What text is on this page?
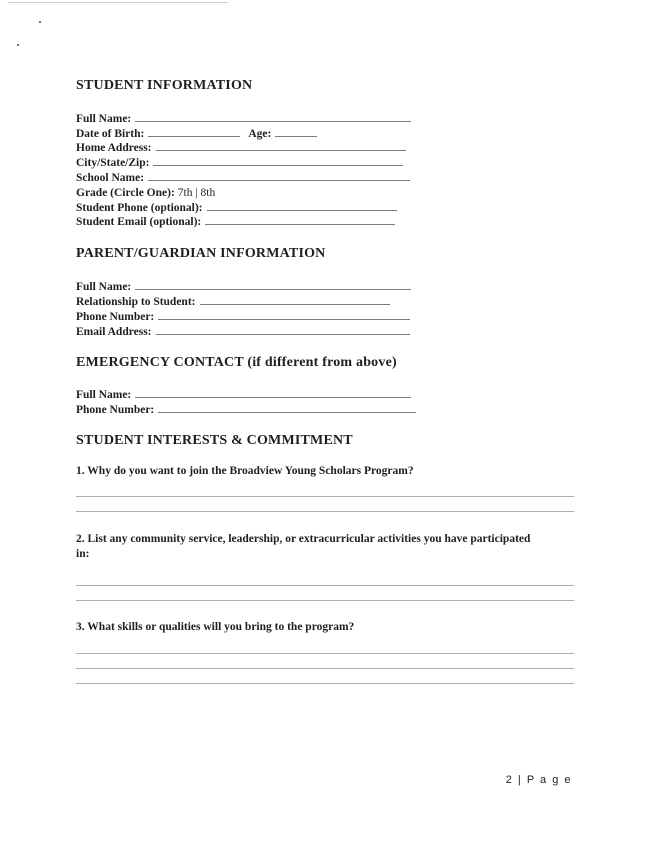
STUDENT INFORMATION
Full Name:
Date of Birth:	Age:
Home Address:
City/State/Zip:
School Name:
Grade (Circle One): 7th | 8th
Student Phone (optional):
Student Email (optional):
PARENT/GUARDIAN INFORMATION
Full Name:
Relationship to Student:
Phone Number:
Email Address:
EMERGENCY CONTACT (if different from above)
Full Name:
Phone Number:
STUDENT INTERESTS & COMMITMENT

1. Why do you want to join the Broadview Young Scholars Program?

2. List any community service, leadership, or extracurricular activities you have participated in:

3. What skills or qualities will you bring to the program?

2 | P a g e
